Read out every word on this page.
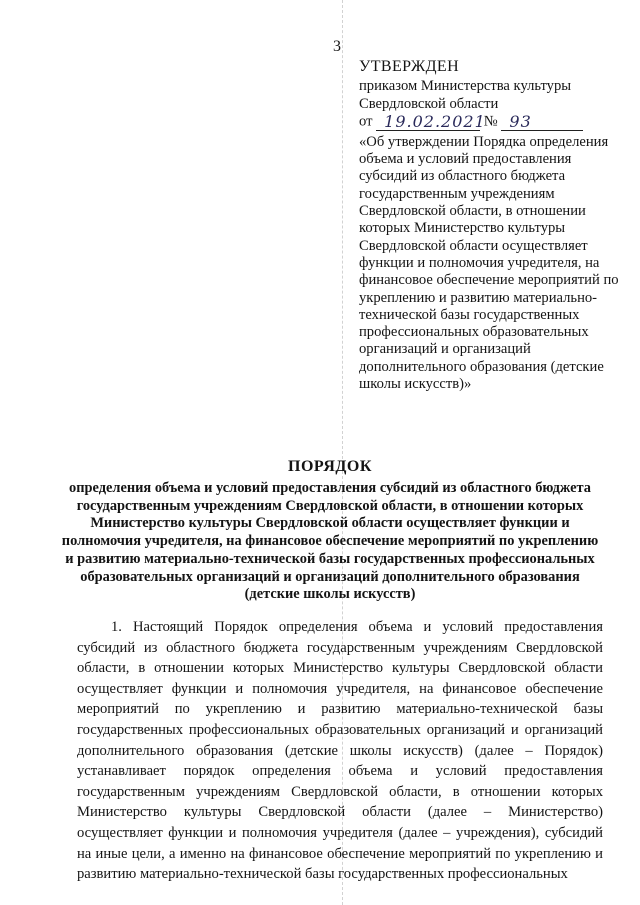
3
УТВЕРЖДЕН
приказом Министерства культуры
Свердловской области
от 19.02.2021
№ 93
«Об утверждении Порядка определения объема и условий предоставления субсидий из областного бюджета государственным учреждениям Свердловской области, в отношении которых Министерство культуры Свердловской области осуществляет функции и полномочия учредителя, на финансовое обеспечение мероприятий по укреплению и развитию материально-технической базы государственных профессиональных образовательных организаций и организаций дополнительного образования (детские школы искусств)»
ПОРЯДОК
определения объема и условий предоставления субсидий из областного бюджета государственным учреждениям Свердловской области, в отношении которых Министерство культуры Свердловской области осуществляет функции и полномочия учредителя, на финансовое обеспечение мероприятий по укреплению и развитию материально-технической базы государственных профессиональных образовательных организаций и организаций дополнительного образования (детские школы искусств)
1. Настоящий Порядок определения объема и условий предоставления субсидий из областного бюджета государственным учреждениям Свердловской области, в отношении которых Министерство культуры Свердловской области осуществляет функции и полномочия учредителя, на финансовое обеспечение мероприятий по укреплению и развитию материально-технической базы государственных профессиональных образовательных организаций и организаций дополнительного образования (детские школы искусств) (далее – Порядок) устанавливает порядок определения объема и условий предоставления государственным учреждениям Свердловской области, в отношении которых Министерство культуры Свердловской области (далее – Министерство) осуществляет функции и полномочия учредителя (далее – учреждения), субсидий на иные цели, а именно на финансовое обеспечение мероприятий по укреплению и развитию материально-технической базы государственных профессиональных
